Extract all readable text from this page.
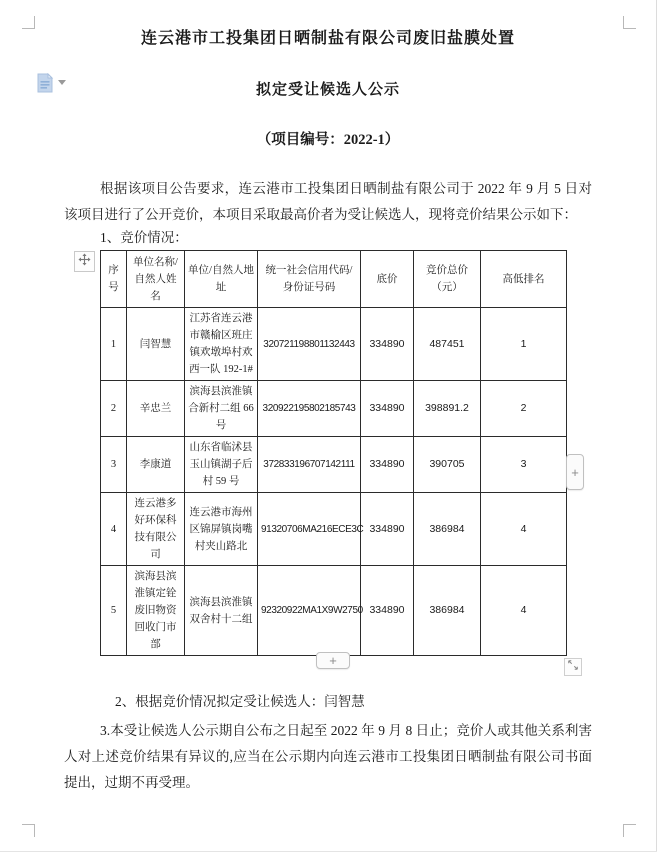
连云港市工投集团日晒制盐有限公司废旧盐膜处置
拟定受让候选人公示
（项目编号：2022-1）
根据该项目公告要求，连云港市工投集团日晒制盐有限公司于 2022 年 9 月 5 日对该项目进行了公开竞价，本项目采取最高价者为受让候选人，现将竞价结果公示如下：
1、竞价情况：
序号	单位名称/自然人姓名	单位/自然人地址	统一社会信用代码/身份证号码	底价	竞价总价（元）	高低排名
1	闫智慧	江苏省连云港市赣榆区班庄镇欢墩埠村欢西一队 192-1#	320721198801132443	334890	487451	1
2	辛忠兰	滨海县滨淮镇合新村二组 66 号	320922195802185743	334890	398891.2	2
3	李康道	山东省临沭县玉山镇湖子后村 59 号	372833196707142111	334890	390705	3
4	连云港多好环保科技有限公司	连云港市海州区锦屏镇岗嘴村夹山路北	91320706MA216ECE3C	334890	386984	4
5	滨海县滨淮镇定铨废旧物资回收门市部	滨海县滨淮镇双舍村十二组	92320922MA1X9W2750	334890	386984	4
2、根据竞价情况拟定受让候选人：闫智慧
3.本受让候选人公示期自公布之日起至 2022 年 9 月 8 日止；竞价人或其他关系利害人对上述竞价结果有异议的,应当在公示期内向连云港市工投集团日晒制盐有限公司书面提出，过期不再受理。
+
+
